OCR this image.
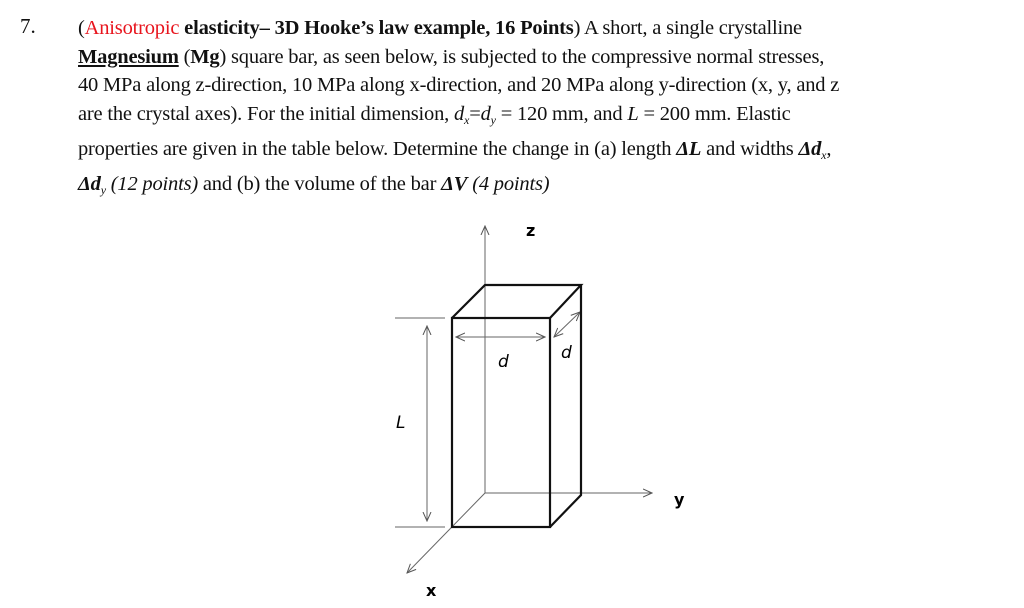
7. (Anisotropic elasticity– 3D Hooke’s law example, 16 Points) A short, a single crystalline
Magnesium (Mg) square bar, as seen below, is subjected to the compressive normal stresses,
40 MPa along z-direction, 10 MPa along x-direction, and 20 MPa along y-direction (x, y, and z
are the crystal axes). For the initial dimension, $d_x=d_y = 120$ mm, and L = 200 mm. Elastic
properties are given in the table below. Determine the change in (a) length ΔL and widths $\Delta d_x$,
$\Delta d_y$ (12 points) and (b) the volume of the bar ΔV (4 points)
z
y
x
L
d	d
